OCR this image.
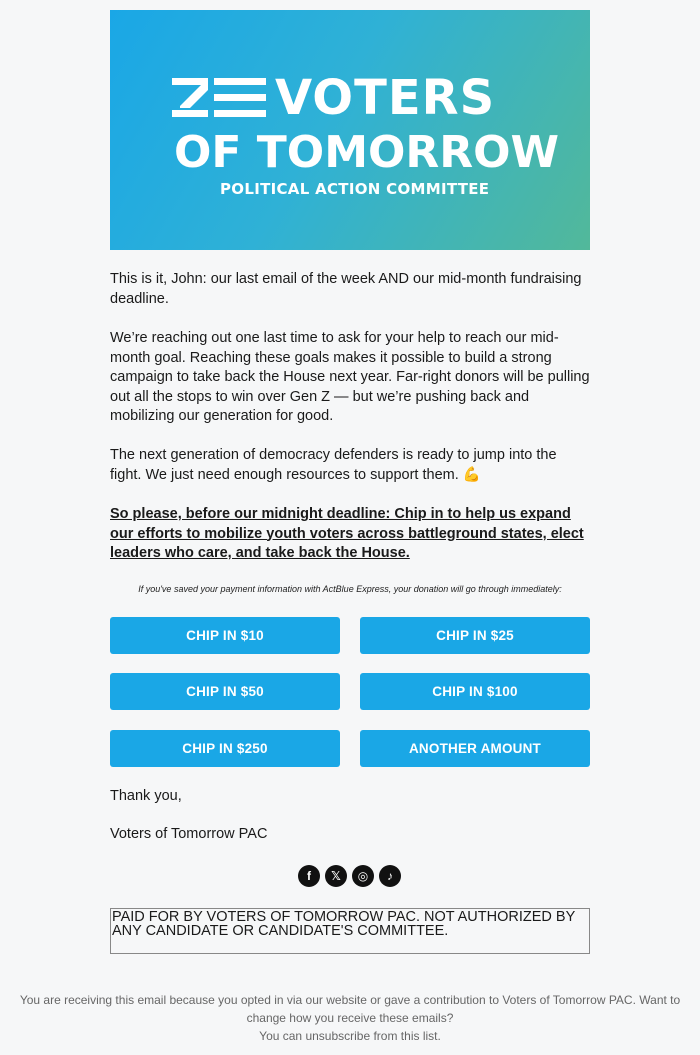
VOTERS
OF TOMORROW
POLITICAL ACTION COMMITTEE

This is it, John: our last email of the week AND our mid-month fundraising deadline.

We’re reaching out one last time to ask for your help to reach our mid-month goal. Reaching these goals makes it possible to build a strong campaign to take back the House next year. Far-right donors will be pulling out all the stops to win over Gen Z — but we’re pushing back and mobilizing our generation for good.

The next generation of democracy defenders is ready to jump into the fight. We just need enough resources to support them. 💪

So please, before our midnight deadline: Chip in to help us expand our efforts to mobilize youth voters across battleground states, elect leaders who care, and take back the House.

If you've saved your payment information with ActBlue Express, your donation will go through immediately:
CHIP IN $10	CHIP IN $25
CHIP IN $50	CHIP IN $100
CHIP IN $250	ANOTHER AMOUNT
Thank you,
Voters of Tomorrow PAC
f	𝕏	◎	♪
PAID FOR BY VOTERS OF TOMORROW PAC. NOT AUTHORIZED BY ANY CANDIDATE OR CANDIDATE'S COMMITTEE.
You are receiving this email because you opted in via our website or gave a contribution to Voters of Tomorrow PAC. Want to change how you receive these emails?
You can unsubscribe from this list.
